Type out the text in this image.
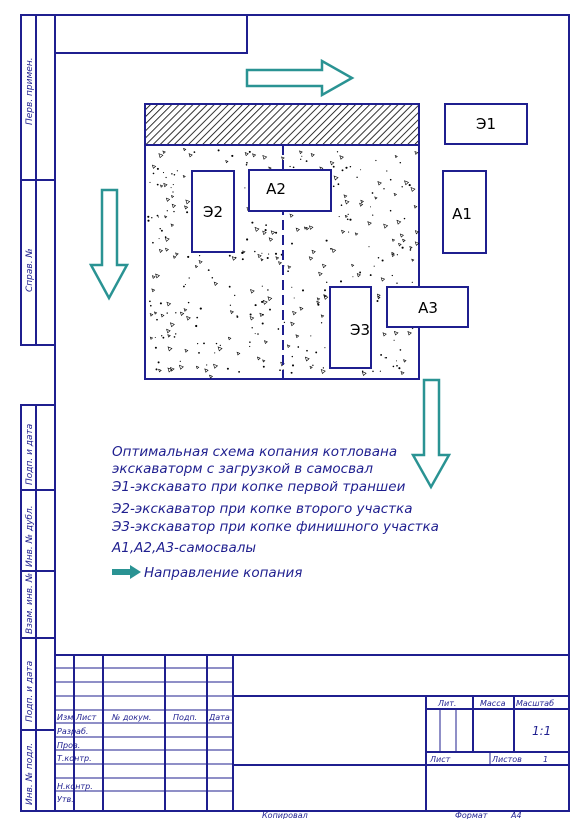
Перв. примен.
Справ. №
Подп. и дата
Инв. № дубл.
Взам. инв. №
Подп. и дата
Инв. № подл.
Э1
Э2
А2
А1
Э3
А3
Оптимальная схема копания котлована
экскаваторм с загрузкой в самосвал
Э1-экскавато при копке первой траншеи
Э2-экскаватор при копке второго участка
Э3-экскаватор при копке финишного участка
А1,А2,А3-самосвалы
Направление копания
Изм. Лист № докум.	Подп. Дата
Разраб.
Пров.
Т.контр.
Н.контр.
Утв.
Лит.	Масса Масштаб
Лист	Листов	1
1:1
Копировал	Формат	А4
